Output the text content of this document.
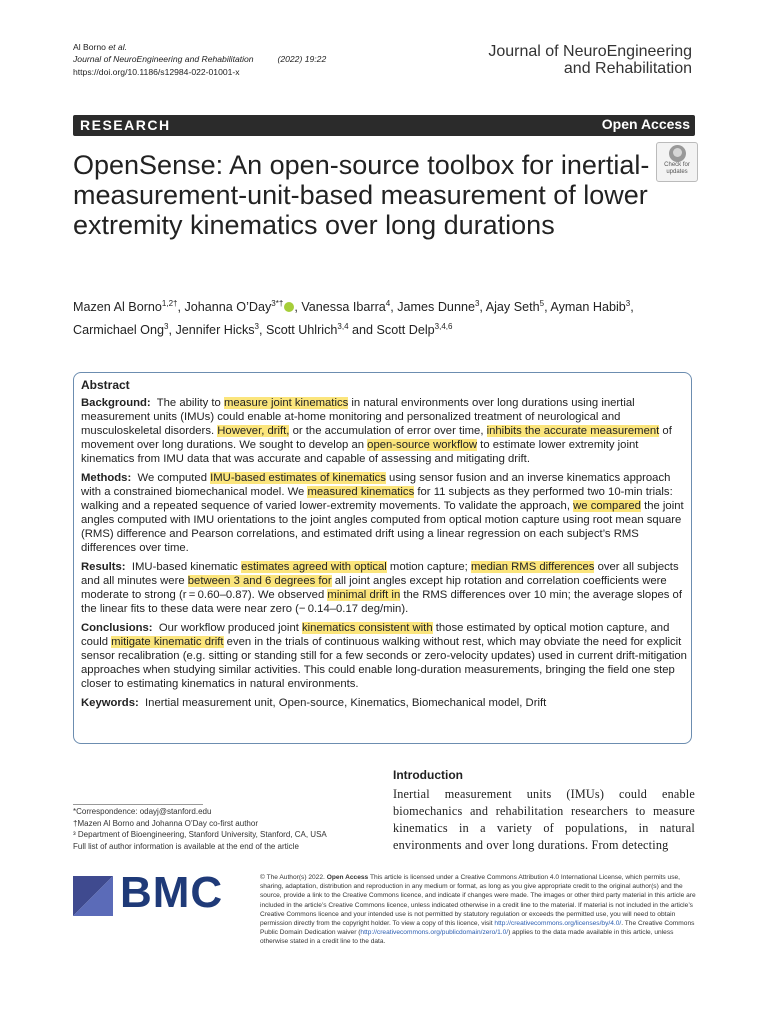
Al Borno et al.
Journal of NeuroEngineering and Rehabilitation	(2022) 19:22
https://doi.org/10.1186/s12984-022-01001-x
Journal of NeuroEngineering
and Rehabilitation
RESEARCH	Open Access
Check for
updates
OpenSense: An open-source toolbox for inertial-measurement-unit-based measurement of lower extremity kinematics over long durations
Mazen Al Borno$^{1,2\dagger}$, Johanna O’Day$^{3*\dagger}$ , Vanessa Ibarra$^4$, James Dunne$^3$, Ajay Seth$^5$, Ayman Habib$^3$, Carmichael Ong$^3$, Jennifer Hicks$^3$, Scott Uhlrich$^{3,4}$ and Scott Delp$^{3,4,6}$

Abstract

Background: The ability to measure joint kinematics in natural environments over long durations using inertial measurement units (IMUs) could enable at-home monitoring and personalized treatment of neurological and musculoskeletal disorders. However, drift, or the accumulation of error over time, inhibits the accurate measurement of movement over long durations. We sought to develop an open-source workflow to estimate lower extremity joint kinematics from IMU data that was accurate and capable of assessing and mitigating drift.

Methods: We computed IMU-based estimates of kinematics using sensor fusion and an inverse kinematics approach with a constrained biomechanical model. We measured kinematics for 11 subjects as they performed two 10-min trials: walking and a repeated sequence of varied lower-extremity movements. To validate the approach, we compared the joint angles computed with IMU orientations to the joint angles computed from optical motion capture using root mean square (RMS) difference and Pearson correlations, and estimated drift using a linear regression on each subject’s RMS differences over time.

Results: IMU-based kinematic estimates agreed with optical motion capture; median RMS differences over all subjects and all minutes were between 3 and 6 degrees for all joint angles except hip rotation and correlation coefficients were moderate to strong (r = 0.60–0.87). We observed minimal drift in the RMS differences over 10 min; the average slopes of the linear fits to these data were near zero (− 0.14–0.17 deg/min).

Conclusions: Our workflow produced joint kinematics consistent with those estimated by optical motion capture, and could mitigate kinematic drift even in the trials of continuous walking without rest, which may obviate the need for explicit sensor recalibration (e.g. sitting or standing still for a few seconds or zero-velocity updates) used in current drift-mitigation approaches when studying similar activities. This could enable long-duration measurements, bringing the field one step closer to estimating kinematics in natural environments.

Keywords: Inertial measurement unit, Open-source, Kinematics, Biomechanical model, Drift

Introduction
Inertial measurement units (IMUs) could enable biomechanics and rehabilitation researchers to measure kinematics in a variety of populations, in natural environments and over long durations. From detecting
*Correspondence: odayj@stanford.edu
†Mazen Al Borno and Johanna O’Day co-first author
³ Department of Bioengineering, Stanford University, Stanford, CA, USA
Full list of author information is available at the end of the article
BMC	© The Author(s) 2022. Open Access This article is licensed under a Creative Commons Attribution 4.0 International License, which permits use, sharing, adaptation, distribution and reproduction in any medium or format, as long as you give appropriate credit to the original author(s) and the source, provide a link to the Creative Commons licence, and indicate if changes were made. The images or other third party material in this article are included in the article’s Creative Commons licence, unless indicated otherwise in a credit line to the material. If material is not included in the article’s Creative Commons licence and your intended use is not permitted by statutory regulation or exceeds the permitted use, you will need to obtain permission directly from the copyright holder. To view a copy of this licence, visit http://creativecommons.org/licenses/by/4.0/. The Creative Commons Public Domain Dedication waiver (http://creativecommons.org/publicdomain/zero/1.0/) applies to the data made available in this article, unless otherwise stated in a credit line to the data.
